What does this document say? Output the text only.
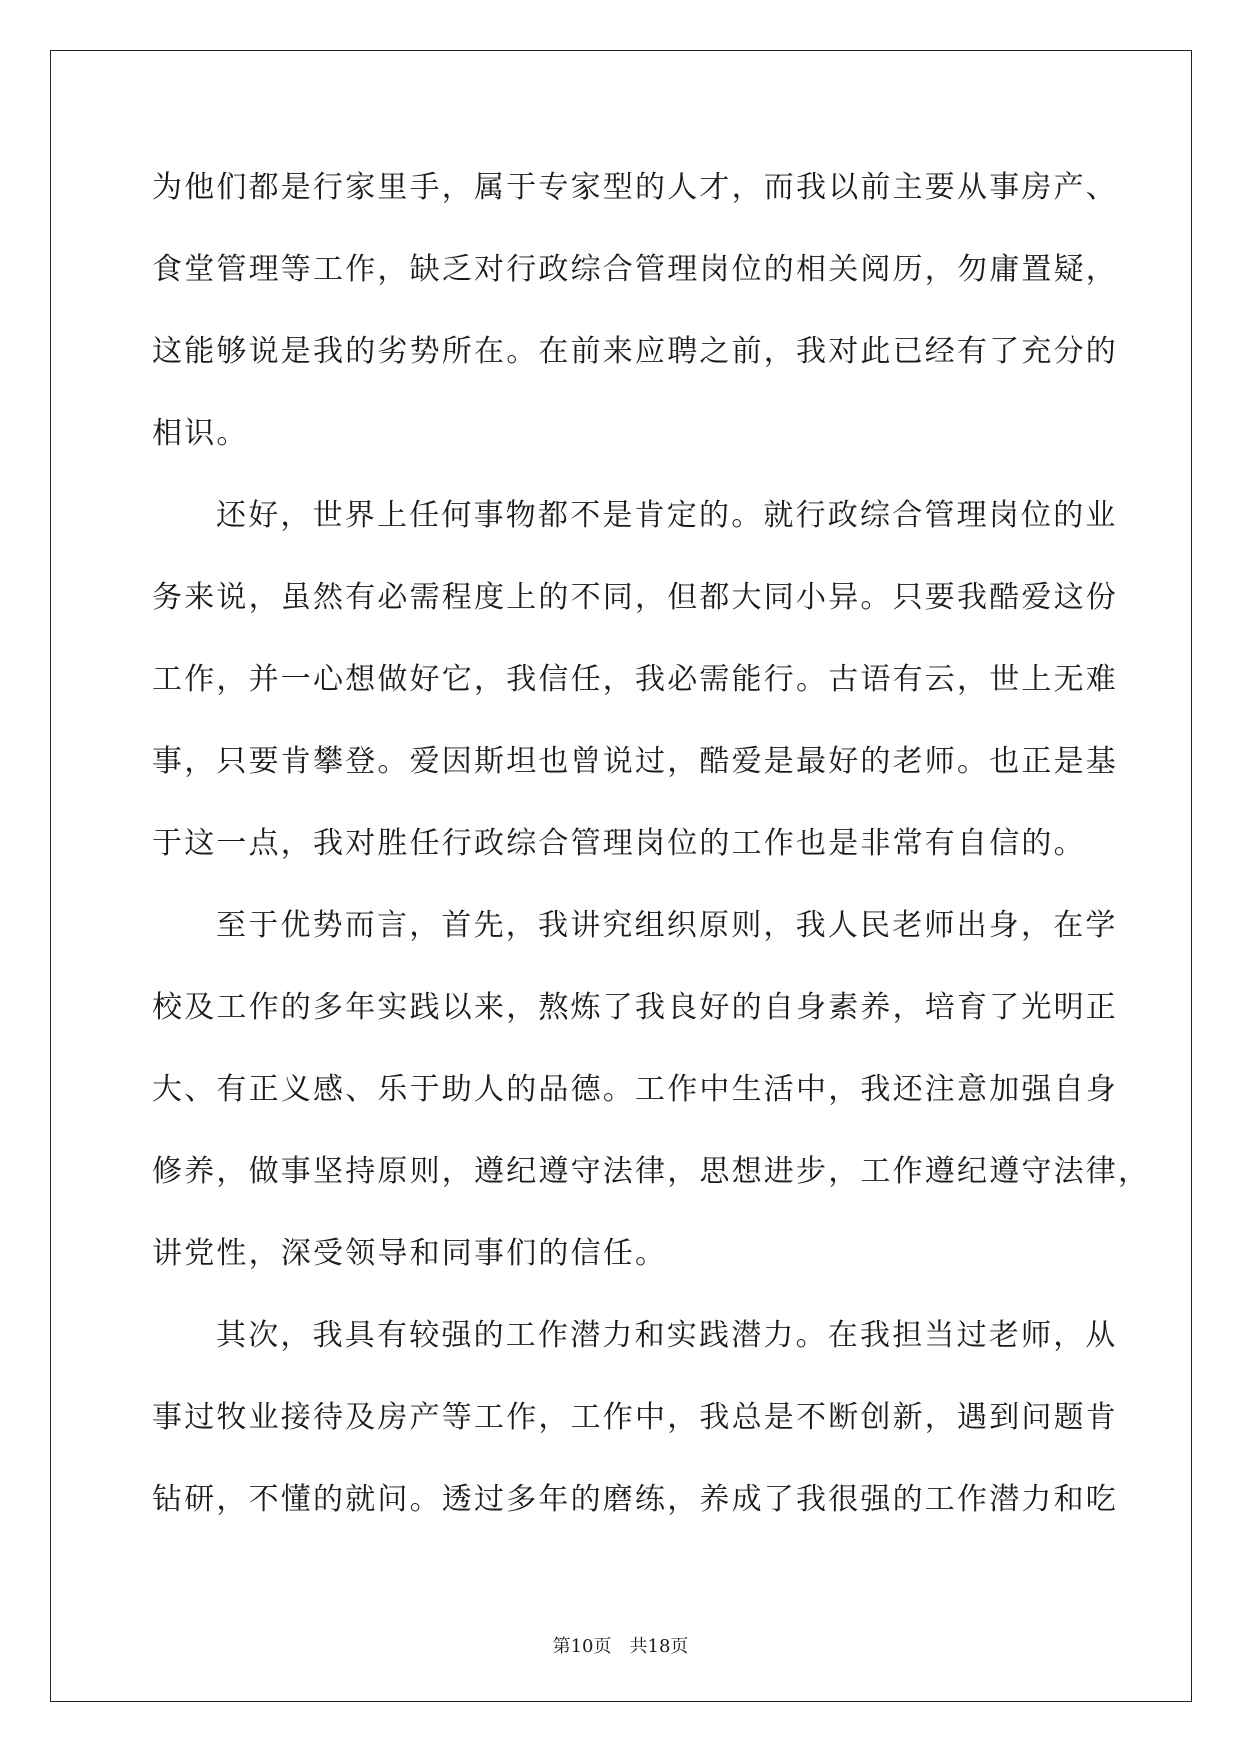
为他们都是行家里手，属于专家型的人才，而我以前主要从事房产、
食堂管理等工作，缺乏对行政综合管理岗位的相关阅历，勿庸置疑，
这能够说是我的劣势所在。在前来应聘之前，我对此已经有了充分的
相识。
还好，世界上任何事物都不是肯定的。就行政综合管理岗位的业
务来说，虽然有必需程度上的不同，但都大同小异。只要我酷爱这份
工作，并一心想做好它，我信任，我必需能行。古语有云，世上无难
事，只要肯攀登。爱因斯坦也曾说过，酷爱是最好的老师。也正是基
于这一点，我对胜任行政综合管理岗位的工作也是非常有自信的。
至于优势而言，首先，我讲究组织原则，我人民老师出身，在学
校及工作的多年实践以来，熬炼了我良好的自身素养，培育了光明正
大、有正义感、乐于助人的品德。工作中生活中，我还注意加强自身
修养，做事坚持原则，遵纪遵守法律，思想进步，工作遵纪遵守法律，
讲党性，深受领导和同事们的信任。
其次，我具有较强的工作潜力和实践潜力。在我担当过老师，从
事过牧业接待及房产等工作，工作中，我总是不断创新，遇到问题肯
钻研，不懂的就问。透过多年的磨练，养成了我很强的工作潜力和吃
第10页 共18页
